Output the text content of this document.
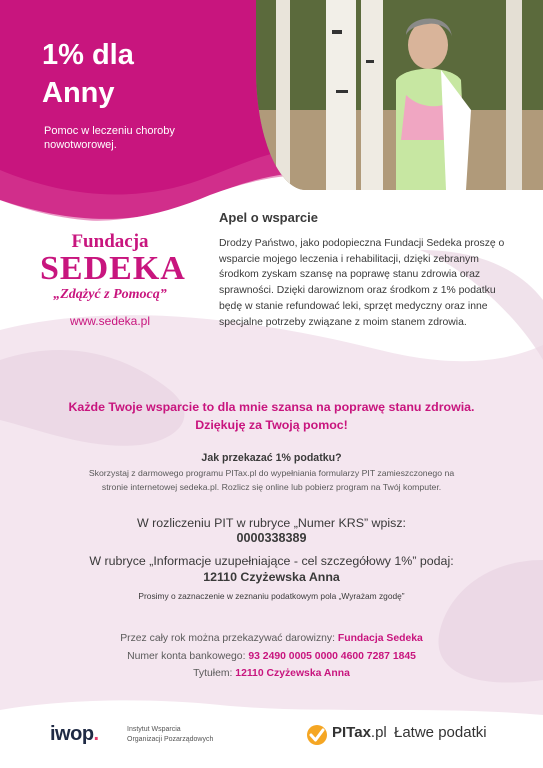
1% dla
Anny

Pomoc w leczeniu choroby nowotworowej.

Fundacja
SEDEKA
„Zdążyć z Pomocą”
www.sedeka.pl
Apel o wsparcie

Drodzy Państwo, jako podopieczna Fundacji Sedeka proszę o wsparcie mojego leczenia i rehabilitacji, dzięki zebranym środkom zyskam szansę na poprawę stanu zdrowia oraz sprawności. Dzięki darowiznom oraz środkom z 1% podatku będę w stanie refundować leki, sprzęt medyczny oraz inne specjalne potrzeby związane z moim stanem zdrowia.

Każde Twoje wsparcie to dla mnie szansa na poprawę stanu zdrowia.
Dziękuję za Twoją pomoc!

Jak przekazać 1% podatku?

Skorzystaj z darmowego programu PITax.pl do wypełniania formularzy PIT zamieszczonego na
stronie internetowej sedeka.pl. Rozlicz się online lub pobierz program na Twój komputer.

W rozliczeniu PIT w rubryce „Numer KRS” wpisz:

0000338389

W rubryce „Informacje uzupełniające - cel szczegółowy 1%” podaj:

12110 Czyżewska Anna

Prosimy o zaznaczenie w zeznaniu podatkowym pola „Wyrażam zgodę”

Przez cały rok można przekazywać darowizny: Fundacja Sedeka

Numer konta bankowego: 93 2490 0005 0000 4600 7287 1845

Tytułem: 12110 Czyżewska Anna

iwop.	Instytut Wsparcia
Organizacji Pozarządowych	PITax.pl Łatwe podatki
